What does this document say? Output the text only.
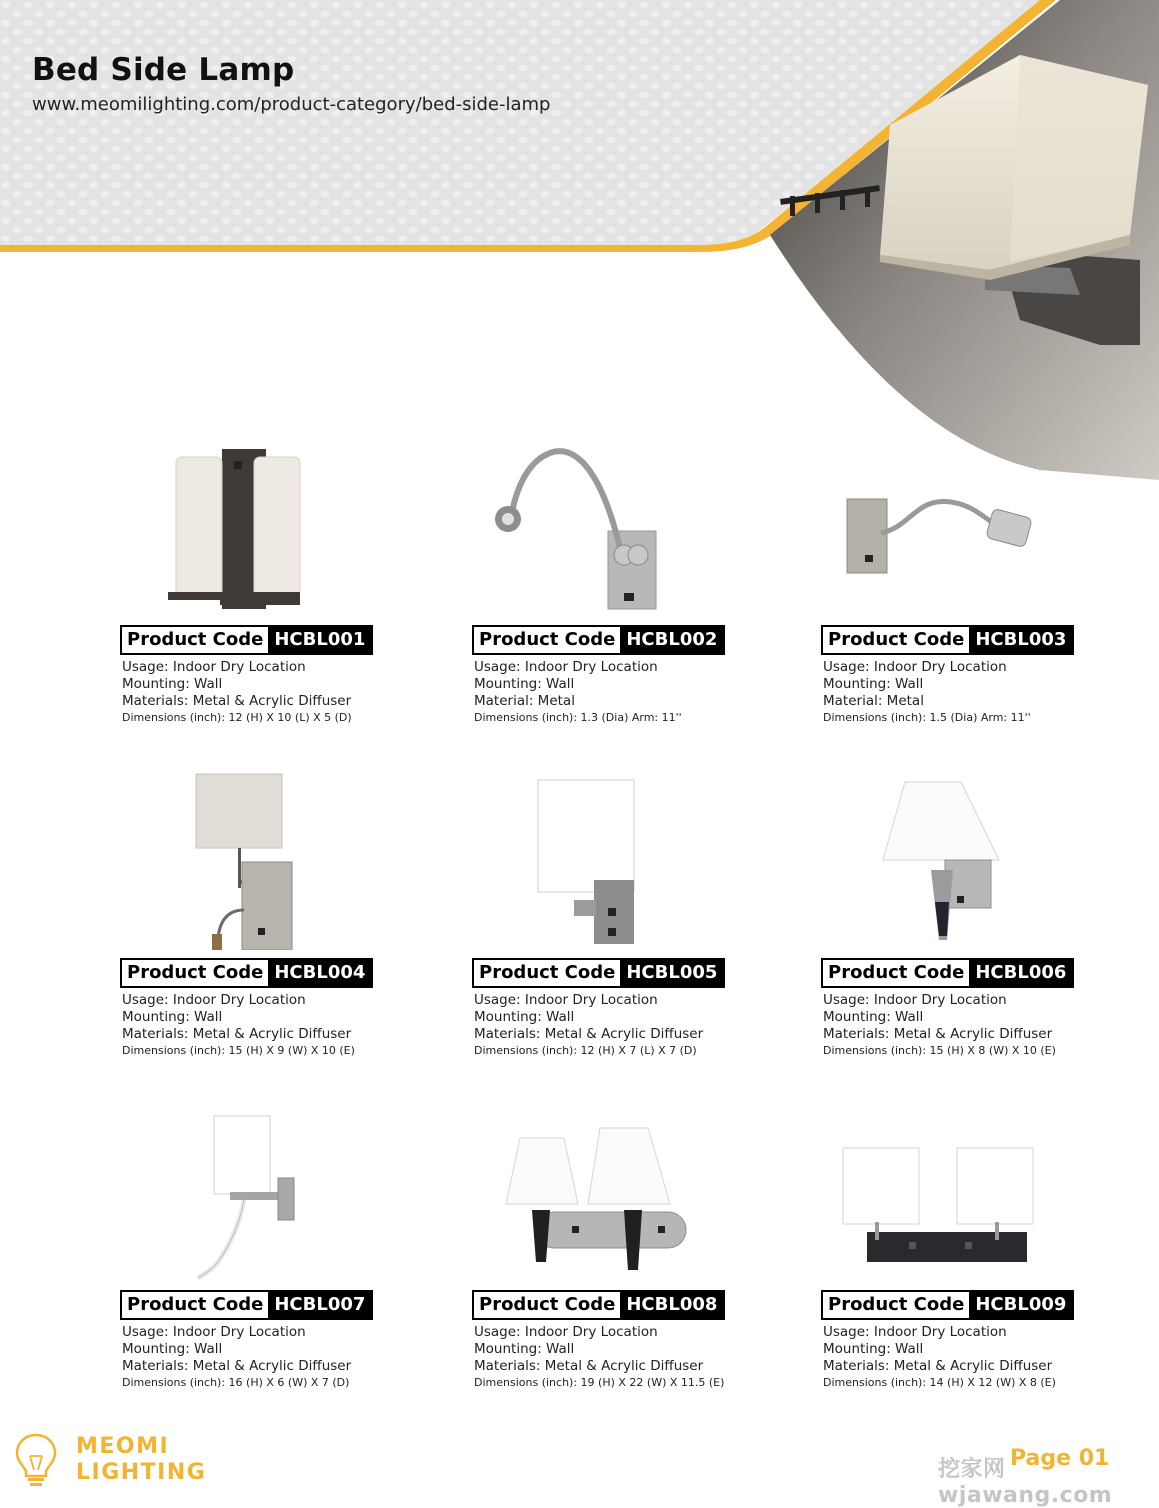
Bed Side Lamp
www.meomilighting.com/product-category/bed-side-lamp
Product Code HCBL001
Usage: Indoor Dry Location
Mounting: Wall
Materials: Metal & Acrylic Diffuser
Dimensions (inch): 12 (H) X 10 (L) X 5 (D)
Product Code HCBL002
Usage: Indoor Dry Location
Mounting: Wall
Material: Metal
Dimensions (inch): 1.3 (Dia) Arm: 11''
Product Code HCBL003
Usage: Indoor Dry Location
Mounting: Wall
Material: Metal
Dimensions (inch): 1.5 (Dia) Arm: 11''
Product Code HCBL004
Usage: Indoor Dry Location
Mounting: Wall
Materials: Metal & Acrylic Diffuser
Dimensions (inch): 15 (H) X 9 (W) X 10 (E)
Product Code HCBL005
Usage: Indoor Dry Location
Mounting: Wall
Materials: Metal & Acrylic Diffuser
Dimensions (inch): 12 (H) X 7 (L) X 7 (D)
Product Code HCBL006
Usage: Indoor Dry Location
Mounting: Wall
Materials: Metal & Acrylic Diffuser
Dimensions (inch): 15 (H) X 8 (W) X 10 (E)
Product Code HCBL007
Usage: Indoor Dry Location
Mounting: Wall
Materials: Metal & Acrylic Diffuser
Dimensions (inch): 16 (H) X 6 (W) X 7 (D)
Product Code HCBL008
Usage: Indoor Dry Location
Mounting: Wall
Materials: Metal & Acrylic Diffuser
Dimensions (inch): 19 (H) X 22 (W) X 11.5 (E)
Product Code HCBL009
Usage: Indoor Dry Location
Mounting: Wall
Materials: Metal & Acrylic Diffuser
Dimensions (inch): 14 (H) X 12 (W) X 8 (E)
MEOMI
LIGHTING
Page 01
挖家网 wjawang.com
